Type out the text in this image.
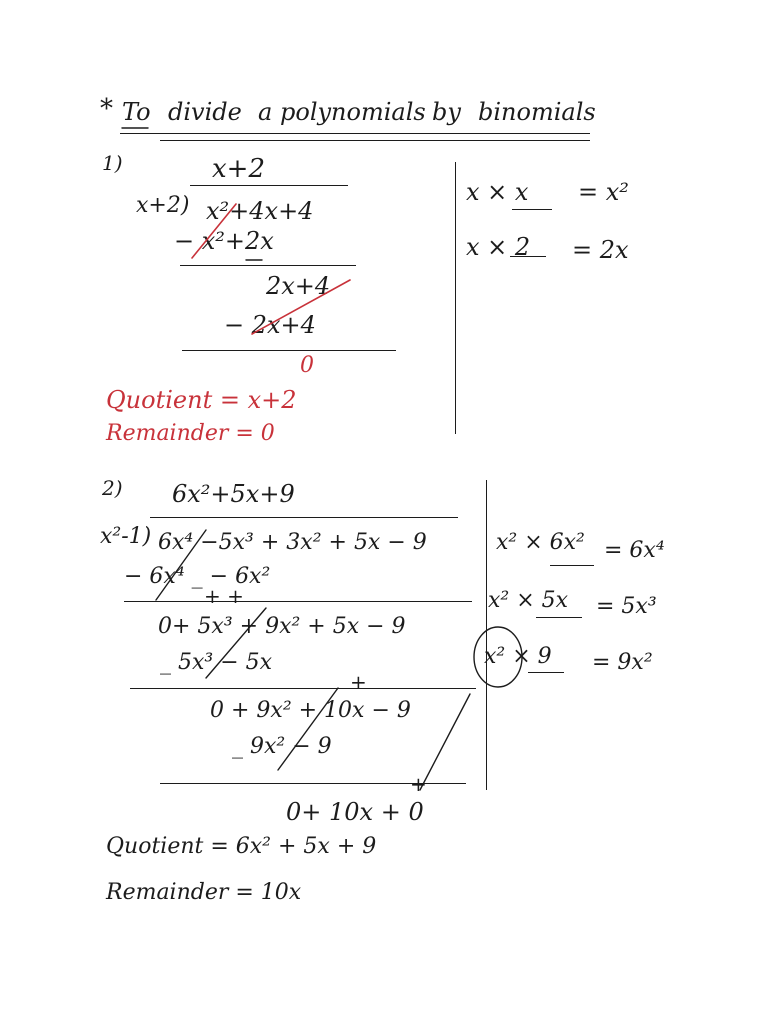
* To divide a polynomials by binomials
1)	x+2
x+2) x²+4x+4
− x²+2x
2x+4
− 2x+4
0
x × x = x²
x × 2 = 2x
Quotient = x+2
Remainder = 0
2) 6x²+5x+9
x²-1) 6x⁴ −5x³ + 3x² + 5x − 9
− 6x⁴ _ − 6x²
+ +
0+ 5x³ + 9x² + 5x − 9
_ 5x³ − 5x
+
0 + 9x² + 10x − 9
_ 9x² − 9
+
0+ 10x + 0
x² × 6x² = 6x⁴
x² × 5x = 5x³
x² × 9 = 9x²
Quotient = 6x² + 5x + 9
Remainder = 10x
